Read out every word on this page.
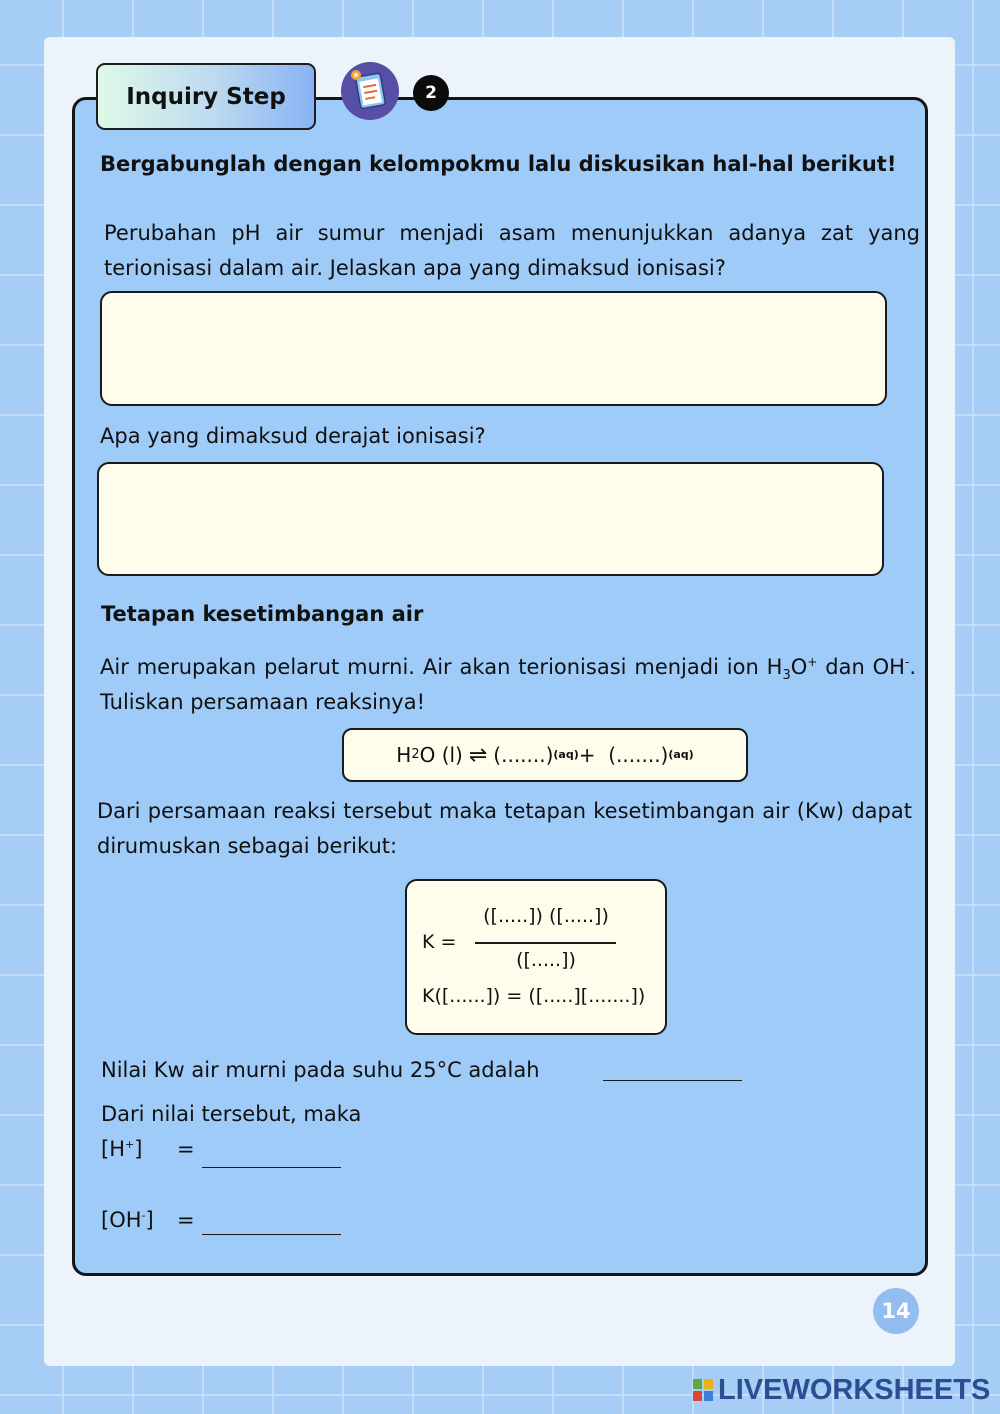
Inquiry Step	2
Bergabunglah dengan kelompokmu lalu diskusikan hal-hal berikut!
Perubahan pH air sumur menjadi asam menunjukkan adanya zat yang terionisasi dalam air. Jelaskan apa yang dimaksud ionisasi?
Apa yang dimaksud derajat ionisasi?
Tetapan kesetimbangan air
Air merupakan pelarut murni. Air akan terionisasi menjadi ion $H_3O^+$ dan OH-. Tuliskan persamaan reaksinya!
H 2 O (l) ⇌ (.......) (aq) +
(.......) (aq)
Dari persamaan reaksi tersebut maka tetapan kesetimbangan air (Kw) dapat dirumuskan sebagai berikut:
K =
([.....]) ([.....])
([.....])
K([......]) = ([.....][.......])
Nilai Kw air murni pada suhu 25°C adalah
Dari nilai tersebut, maka
[H+]	=
[OH-]	=
14
LIVEWORKSHEETS
